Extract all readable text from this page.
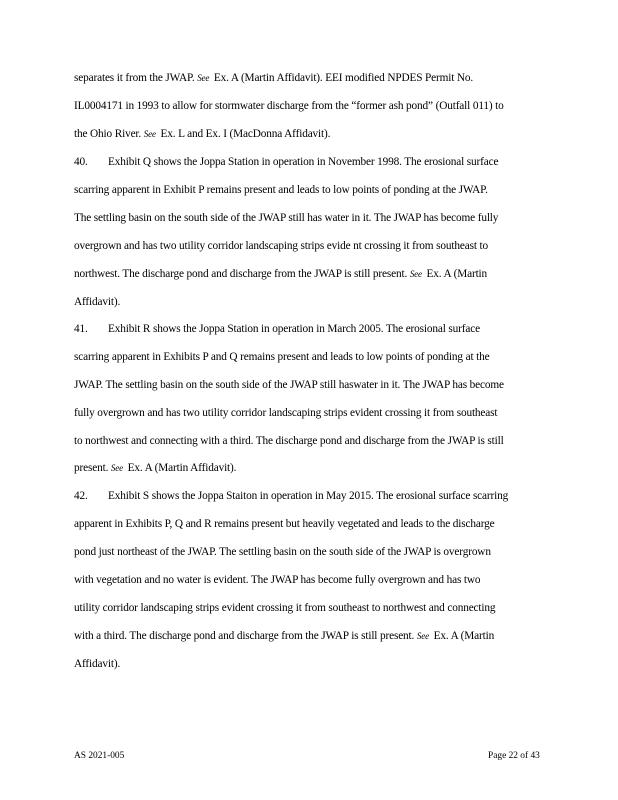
separates it from the JWAP. See Ex. A (Martin Affidavit). EEI modified NPDES Permit No.
IL0004171 in 1993 to allow for stormwater discharge from the “former ash pond” (Outfall 011) to
the Ohio River. See Ex. L and Ex. I (MacDonna Affidavit).
40. Exhibit Q shows the Joppa Station in operation in November 1998. The erosional surface
scarring apparent in Exhibit P remains present and leads to low points of ponding at the JWAP.
The settling basin on the south side of the JWAP still has water in it. The JWAP has become fully
overgrown and has two utility corridor landscaping strips evide nt crossing it from southeast to
northwest. The discharge pond and discharge from the JWAP is still present. See Ex. A (Martin
Affidavit).
41. Exhibit R shows the Joppa Station in operation in March 2005. The erosional surface
scarring apparent in Exhibits P and Q remains present and leads to low points of ponding at the
JWAP. The settling basin on the south side of the JWAP still haswater in it. The JWAP has become
fully overgrown and has two utility corridor landscaping strips evident crossing it from southeast
to northwest and connecting with a third. The discharge pond and discharge from the JWAP is still
present. See Ex. A (Martin Affidavit).
42. Exhibit S shows the Joppa Staiton in operation in May 2015. The erosional surface scarring
apparent in Exhibits P, Q and R remains present but heavily vegetated and leads to the discharge
pond just northeast of the JWAP. The settling basin on the south side of the JWAP is overgrown
with vegetation and no water is evident. The JWAP has become fully overgrown and has two
utility corridor landscaping strips evident crossing it from southeast to northwest and connecting
with a third. The discharge pond and discharge from the JWAP is still present. See Ex. A (Martin
Affidavit).
AS 2021-005	Page 22 of 43
